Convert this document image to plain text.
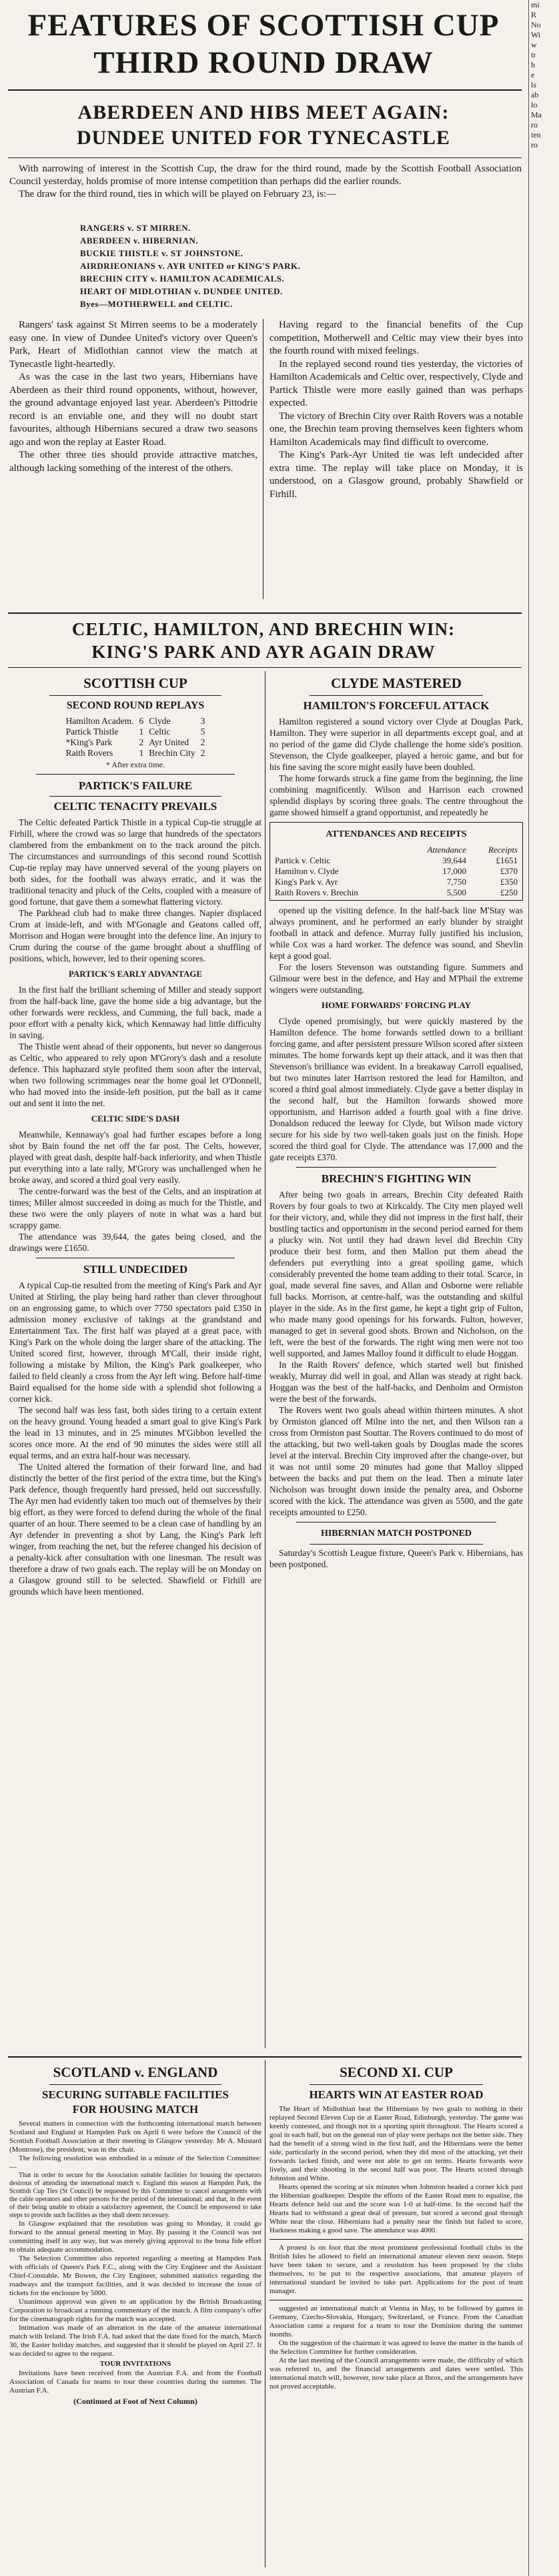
FEATURES OF SCOTTISH CUP
THIRD ROUND DRAW
ABERDEEN AND HIBS MEET AGAIN:
DUNDEE UNITED FOR TYNECASTLE

With narrowing of interest in the Scottish Cup, the draw for the third round, made by the Scottish Football Association Council yesterday, holds promise of more intense competition than perhaps did the earlier rounds.

The draw for the third round, ties in which will be played on February 23, is:—

RANGERS v. ST MIRREN.
ABERDEEN v. HIBERNIAN.
BUCKIE THISTLE v. ST JOHNSTONE.
AIRDRIEONIANS v. AYR UNITED or KING'S PARK.
BRECHIN CITY v. HAMILTON ACADEMICALS.
HEART OF MIDLOTHIAN v. DUNDEE UNITED.
Byes—MOTHERWELL and CELTIC.

Rangers' task against St Mirren seems to be a moderately easy one. In view of Dundee United's victory over Queen's Park, Heart of Midlothian cannot view the match at Tynecastle light-heartedly.

As was the case in the last two years, Hibernians have Aberdeen as their third round opponents, without, however, the ground advantage enjoyed last year. Aberdeen's Pittodrie record is an enviable one, and they will no doubt start favourites, although Hibernians secured a draw two seasons ago and won the replay at Easter Road.

The other three ties should provide attractive matches, although lacking something of the interest of the others.

Having regard to the financial benefits of the Cup competition, Motherwell and Celtic may view their byes into the fourth round with mixed feelings.

In the replayed second round ties yesterday, the victories of Hamilton Academicals and Celtic over, respectively, Clyde and Partick Thistle were more easily gained than was perhaps expected.

The victory of Brechin City over Raith Rovers was a notable one, the Brechin team proving themselves keen fighters whom Hamilton Academicals may find difficult to overcome.

The King's Park-Ayr United tie was left undecided after extra time. The replay will take place on Monday, it is understood, on a Glasgow ground, probably Shawfield or Firhill.

CELTIC, HAMILTON, AND BRECHIN WIN:
KING'S PARK AND AYR AGAIN DRAW
SCOTTISH CUP
SECOND ROUND REPLAYS
Hamilton Academ.	6	Clyde	3
Partick Thistle	1	Celtic	5
*King's Park	2	Ayr United	2
Raith Rovers	1	Brechin City	2
* After extra time.
PARTICK'S FAILURE
CELTIC TENACITY PREVAILS

The Celtic defeated Partick Thistle in a typical Cup-tie struggle at Firhill, where the crowd was so large that hundreds of the spectators clambered from the embankment on to the track around the pitch. The circumstances and surroundings of this second round Scottish Cup-tie replay may have unnerved several of the young players on both sides, for the football was always erratic, and it was the traditional tenacity and pluck of the Celts, coupled with a measure of good fortune, that gave them a somewhat flattering victory.

The Parkhead club had to make three changes. Napier displaced Crum at inside-left, and with M'Gonagle and Geatons called off, Morrison and Hogan were brought into the defence line. An injury to Crum during the course of the game brought about a shuffling of positions, which, however, led to their opening scores.

PARTICK'S EARLY ADVANTAGE

In the first half the brilliant scheming of Miller and steady support from the half-back line, gave the home side a big advantage, but the other forwards were reckless, and Cumming, the full back, made a poor effort with a penalty kick, which Kennaway had little difficulty in saving.

The Thistle went ahead of their opponents, but never so dangerous as Celtic, who appeared to rely upon M'Grory's dash and a resolute defence. This haphazard style profited them soon after the interval, when two following scrimmages near the home goal let O'Donnell, who had moved into the inside-left position, put the ball as it came out and sent it into the net.

CELTIC SIDE'S DASH

Meanwhile, Kennaway's goal had further escapes before a long shot by Bain found the net off the far post. The Celts, however, played with great dash, despite half-back inferiority, and when Thistle put everything into a late rally, M'Grory was unchallenged when he broke away, and scored a third goal very easily.

The centre-forward was the best of the Celts, and an inspiration at times; Miller almost succeeded in doing as much for the Thistle, and these two were the only players of note in what was a hard but scrappy game.

The attendance was 39,644, the gates being closed, and the drawings were £1650.

STILL UNDECIDED

A typical Cup-tie resulted from the meeting of King's Park and Ayr United at Stirling, the play being hard rather than clever throughout on an engrossing game, to which over 7750 spectators paid £350 in admission money exclusive of takings at the grandstand and Entertainment Tax. The first half was played at a great pace, with King's Park on the whole doing the larger share of the attacking. The United scored first, however, through M'Call, their inside right, following a mistake by Milton, the King's Park goalkeeper, who failed to field cleanly a cross from the Ayr left wing. Before half-time Baird equalised for the home side with a splendid shot following a corner kick.

The second half was less fast, both sides tiring to a certain extent on the heavy ground. Young headed a smart goal to give King's Park the lead in 13 minutes, and in 25 minutes M'Gibbon levelled the scores once more. At the end of 90 minutes the sides were still all equal terms, and an extra half-hour was necessary.

The United altered the formation of their forward line, and had distinctly the better of the first period of the extra time, but the King's Park defence, though frequently hard pressed, held out successfully. The Ayr men had evidently taken too much out of themselves by their big effort, as they were forced to defend during the whole of the final quarter of an hour. There seemed to be a clean case of handling by an Ayr defender in preventing a shot by Lang, the King's Park left winger, from reaching the net, but the referee changed his decision of a penalty-kick after consultation with one linesman. The result was therefore a draw of two goals each. The replay will be on Monday on a Glasgow ground still to be selected. Shawfield or Firhill are grounds which have been mentioned.

CLYDE MASTERED
HAMILTON'S FORCEFUL ATTACK

Hamilton registered a sound victory over Clyde at Douglas Park, Hamilton. They were superior in all departments except goal, and at no period of the game did Clyde challenge the home side's position. Stevenson, the Clyde goalkeeper, played a heroic game, and but for his fine saving the score might easily have been doubled.

The home forwards struck a fine game from the beginning, the line combining magnificently. Wilson and Harrison each crowned splendid displays by scoring three goals. The centre throughout the game showed himself a grand opportunist, and repeatedly he

ATTENDANCES AND RECEIPTS
	Attendance	Receipts
Partick v. Celtic	39,644	£1651
Hamilton v. Clyde	17,000	£370
King's Park v. Ayr	7,750	£350
Raith Rovers v. Brechin	5,500	£250

opened up the visiting defence. In the half-back line M'Stay was always prominent, and he performed an early blunder by straight football in attack and defence. Murray fully justified his inclusion, while Cox was a hard worker. The defence was sound, and Shevlin kept a good goal.

For the losers Stevenson was outstanding figure. Summers and Gilmour were best in the defence, and Hay and M'Phail the extreme wingers were outstanding.

HOME FORWARDS' FORCING PLAY

Clyde opened promisingly, but were quickly mastered by the Hamilton defence. The home forwards settled down to a brilliant forcing game, and after persistent pressure Wilson scored after sixteen minutes. The home forwards kept up their attack, and it was then that Stevenson's brilliance was evident. In a breakaway Carroll equalised, but two minutes later Harrison restored the lead for Hamilton, and scored a third goal almost immediately. Clyde gave a better display in the second half, but the Hamilton forwards showed more opportunism, and Harrison added a fourth goal with a fine drive. Donaldson reduced the leeway for Clyde, but Wilson made victory secure for his side by two well-taken goals just on the finish. Hope scored the third goal for Clyde. The attendance was 17,000 and the gate receipts £370.

BRECHIN'S FIGHTING WIN

After being two goals in arrears, Brechin City defeated Raith Rovers by four goals to two at Kirkcaldy. The City men played well for their victory, and, while they did not impress in the first half, their bustling tactics and opportunism in the second period earned for them a plucky win. Not until they had drawn level did Brechin City produce their best form, and then Mallon put them ahead the defenders put everything into a great spoiling game, which considerably prevented the home team adding to their total. Scarce, in goal, made several fine saves, and Allan and Osborne were reliable full backs. Morrison, at centre-half, was the outstanding and skilful player in the side. As in the first game, he kept a tight grip of Fulton, who made many good openings for his forwards. Fulton, however, managed to get in several good shots. Brown and Nicholson, on the left, were the best of the forwards. The right wing men were not too well supported, and James Malloy found it difficult to elude Hoggan.

In the Raith Rovers' defence, which started well but finished weakly, Murray did well in goal, and Allan was steady at right back. Hoggan was the best of the half-backs, and Denholm and Ormiston were the best of the forwards.

The Rovers went two goals ahead within thirteen minutes. A shot by Ormiston glanced off Milne into the net, and then Wilson ran a cross from Ormiston past Souttar. The Rovers continued to do most of the attacking, but two well-taken goals by Douglas made the scores level at the interval. Brechin City improved after the change-over, but it was not until some 20 minutes had gone that Malloy slipped between the backs and put them on the lead. Then a minute later Nicholson was brought down inside the penalty area, and Osborne scored with the kick. The attendance was given as 5500, and the gate receipts amounted to £250.

HIBERNIAN MATCH POSTPONED

Saturday's Scottish League fixture, Queen's Park v. Hibernians, has been postponed.

SCOTLAND v. ENGLAND
SECURING SUITABLE FACILITIES
FOR HOUSING MATCH

Several matters in connection with the forthcoming international match between Scotland and England at Hampden Park on April 6 were before the Council of the Scottish Football Association at their meeting in Glasgow yesterday. Mr A. Mustard (Montrose), the president, was in the chair.

The following resolution was embodied in a minute of the Selection Committee:—

That in order to secure for the Association suitable facilities for housing the spectators desirous of attending the international match v. England this season at Hampden Park, the Scottish Cup Ties (St Council) be requested by this Committee to cancel arrangements with the cable operators and other persons for the period of the international; and that, in the event of their being unable to obtain a satisfactory agreement, the Council be empowered to take steps to provide such facilities as they shall deem necessary.

In Glasgow explained that the resolution was going to Monday, it could go forward to the annual general meeting in May. By passing it the Council was not committing itself in any way, but was merely giving approval to the bona fide effort to obtain adequate accommodation.

The Selection Committee also reported regarding a meeting at Hampden Park with officials of Queen's Park F.C., along with the City Engineer and the Assistant Chief-Constable. Mr Bowen, the City Engineer, submitted statistics regarding the roadways and the transport facilities, and it was decided to increase the issue of tickets for the enclosure by 5000.

Unanimous approval was given to an application by the British Broadcasting Corporation to broadcast a running commentary of the match. A film company's offer for the cinematograph rights for the match was accepted.

Intimation was made of an alteration in the date of the amateur international match with Ireland. The Irish F.A. had asked that the date fixed for the match, March 30, the Easter holiday matches, and suggested that it should be played on April 27. It was decided to agree to the request.

TOUR INVITATIONS

Invitations have been received from the Austrian F.A. and from the Football Association of Canada for teams to tour these countries during the summer. The Austrian F.A.

(Continued at Foot of Next Column)
SECOND XI. CUP
HEARTS WIN AT EASTER ROAD

The Heart of Midlothian beat the Hibernians by two goals to nothing in their replayed Second Eleven Cup tie at Easter Road, Edinburgh, yesterday. The game was keenly contested, and though not in a sporting spirit throughout. The Hearts scored a goal in each half, but on the general run of play were perhaps not the better side. They had the benefit of a strong wind in the first half, and the Hibernians were the better side, particularly in the second period, when they did most of the attacking, yet their forwards lacked finish, and were not able to get on terms. Hearts forwards were lively, and their shooting in the second half was poor. The Hearts scored through Johnston and White.

Hearts opened the scoring at six minutes when Johnston headed a corner kick past the Hibernian goalkeeper. Despite the efforts of the Easter Road men to equalise, the Hearts defence held out and the score was 1-0 at half-time. In the second half the Hearts had to withstand a great deal of pressure, but scored a second goal through White near the close. Hibernians had a penalty near the finish but failed to score, Harkness making a good save. The attendance was 4000.

A protest is on foot that the most prominent professional football clubs in the British Isles be allowed to field an international amateur eleven next season. Steps have been taken to secure, and a resolution has been proposed by the clubs themselves, to be put to the respective associations, that amateur players of international standard be invited to take part. Applications for the post of team manager.

suggested an international match at Vienna in May, to be followed by games in Germany, Czecho-Slovakia, Hungary, Switzerland, or France. From the Canadian Association came a request for a team to tour the Dominion during the summer months.

On the suggestion of the chairman it was agreed to leave the matter in the hands of the Selection Committee for further consideration.

At the last meeting of the Council arrangements were made, the difficulty of which was referred to, and the financial arrangements and dates were settled. This international match will, however, now take place at Ibrox, and the arrangements have not proved acceptable.

mi
R
No
Wi
w
tr
h
e
ls
ab
lo
Ma
ro
ten
ro
